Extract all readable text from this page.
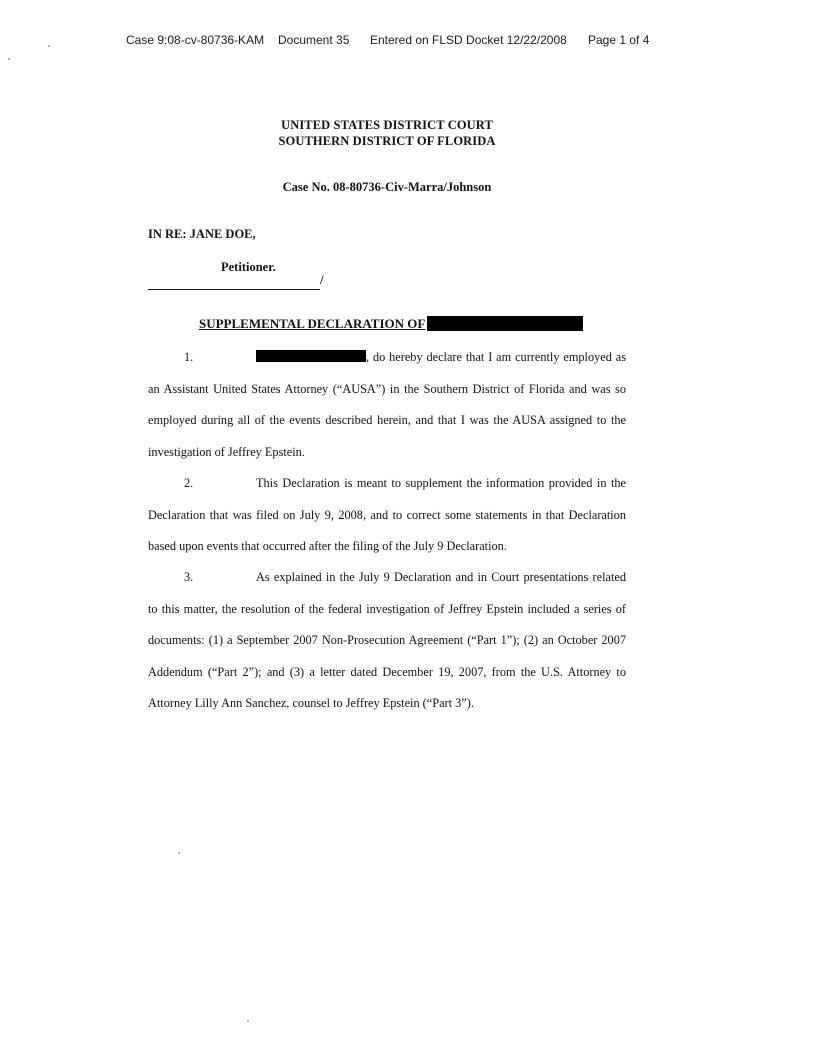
Case 9:08-cv-80736-KAM Document 35 Entered on FLSD Docket 12/22/2008 Page 1 of 4
UNITED STATES DISTRICT COURT
SOUTHERN DISTRICT OF FLORIDA
Case No. 08-80736-Civ-Marra/Johnson
IN RE: JANE DOE,
Petitioner.
/
SUPPLEMENTAL DECLARATION OF

1.	, do hereby declare that I am currently employed as an Assistant United States Attorney (“AUSA”) in the Southern District of Florida and was so employed during all of the events described herein, and that I was the AUSA assigned to the investigation of Jeffrey Epstein.

2.	This Declaration is meant to supplement the information provided in the Declaration that was filed on July 9, 2008, and to correct some statements in that Declaration based upon events that occurred after the filing of the July 9 Declaration.

3.	As explained in the July 9 Declaration and in Court presentations related to this matter, the resolution of the federal investigation of Jeffrey Epstein included a series of documents: (1) a September 2007 Non-Prosecution Agreement (“Part 1”); (2) an October 2007 Addendum (“Part 2”); and (3) a letter dated December 19, 2007, from the U.S. Attorney to Attorney Lilly Ann Sanchez, counsel to Jeffrey Epstein (“Part 3”).
